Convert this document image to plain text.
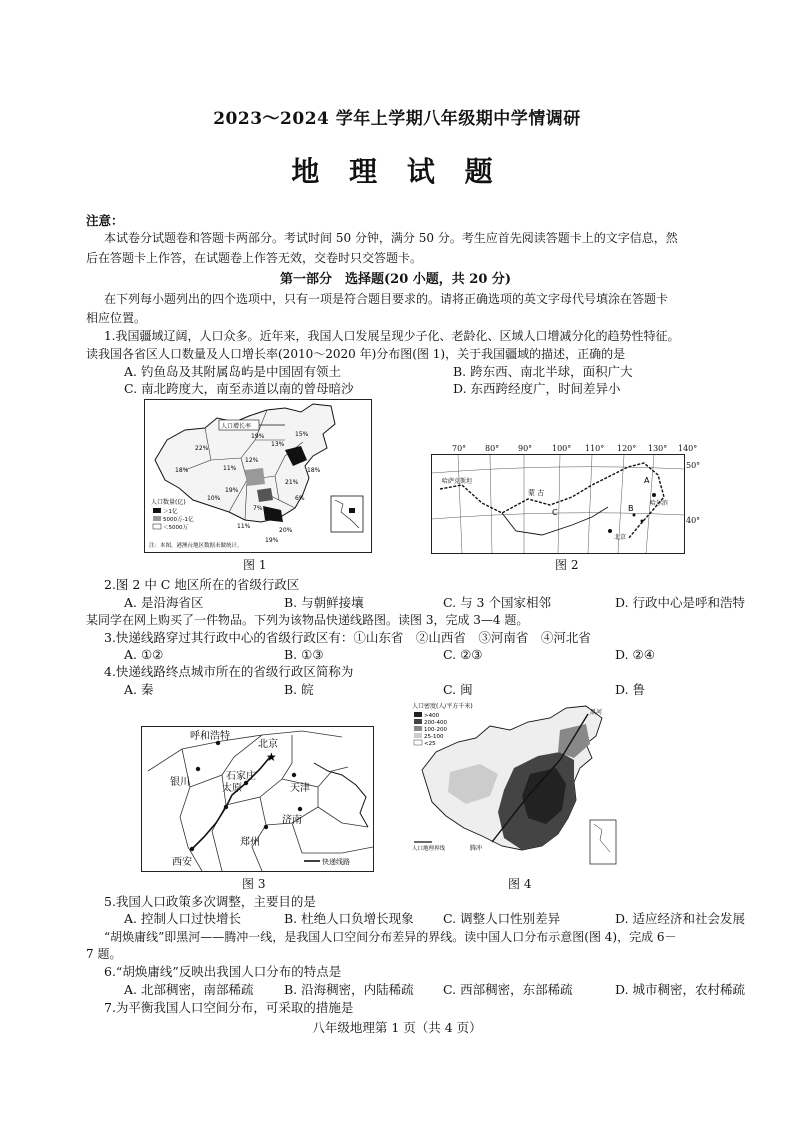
2023～2024 学年上学期八年级期中学情调研
地 理 试 题
注意：
本试卷分试题卷和答题卡两部分。考试时间 50 分钟，满分 50 分。考生应首先阅读答题卡上的文字信息，然
后在答题卡上作答，在试题卷上作答无效，交卷时只交答题卡。
第一部分　选择题(20 小题，共 20 分)
在下列每小题列出的四个选项中，只有一项是符合题目要求的。请将正确选项的英文字母代号填涂在答题卡
相应位置。
1.我国疆域辽阔，人口众多。近年来，我国人口发展呈现少子化、老龄化、区域人口增减分化的趋势性特征。
读我国各省区人口数量及人口增长率(2010～2020 年)分布图(图 1)，关于我国疆域的描述，正确的是
A. 钓鱼岛及其附属岛屿是中国固有领土	B. 跨东西、南北半球，面积广大
C. 南北跨度大，南至赤道以南的曾母暗沙	D. 东西跨经度广，时间差异小
人口增长率
19%
22%
18%	11%
12%
13%
15%
18%
21%
19%
7%
20%
6%
10%
11%
19%
人口数量(亿)
＞1亿
5000万-1亿
＜5000万
注：本图，港澳台地区数据未做统计。
图 1
哈萨克斯坦
蒙 古
C
A
B
哈尔滨
北京
70° 80° 90° 100° 110° 120° 130° 140°
50°
40°
图 2
2.图 2 中 C 地区所在的省级行政区
A. 是沿海省区	B. 与朝鲜接壤	C. 与 3 个国家相邻	D. 行政中心是呼和浩特
某同学在网上购买了一件物品。下列为该物品快递线路图。读图 3，完成 3—4 题。
3.快递线路穿过其行政中心的省级行政区有：①山东省　②山西省　③河南省　④河北省
A. ①②	B. ①③	C. ②③	D. ②④
4.快递线路终点城市所在的省级行政区简称为
A. 秦	B. 皖	C. 闽	D. 鲁
★
呼和浩特
北京
银川
石家庄
天津
太原
济南
郑州
西安	快递线路
图 3
人口密度(人/平方千米)
>400
200-400
100-200
25-100
<25
黑河
腾冲
人口地理界线
图 4
5.我国人口政策多次调整，主要目的是
A. 控制人口过快增长	B. 杜绝人口负增长现象 C. 调整人口性别差异	D. 适应经济和社会发展
“胡焕庸线”即黑河——腾冲一线，是我国人口空间分布差异的界线。读中国人口分布示意图(图 4)，完成 6－
7 题。
6.“胡焕庸线”反映出我国人口分布的特点是
A. 北部稠密，南部稀疏 B. 沿海稠密，内陆稀疏 C. 西部稠密，东部稀疏	D. 城市稠密，农村稀疏
7.为平衡我国人口空间分布，可采取的措施是
八年级地理第 1 页（共 4 页）
